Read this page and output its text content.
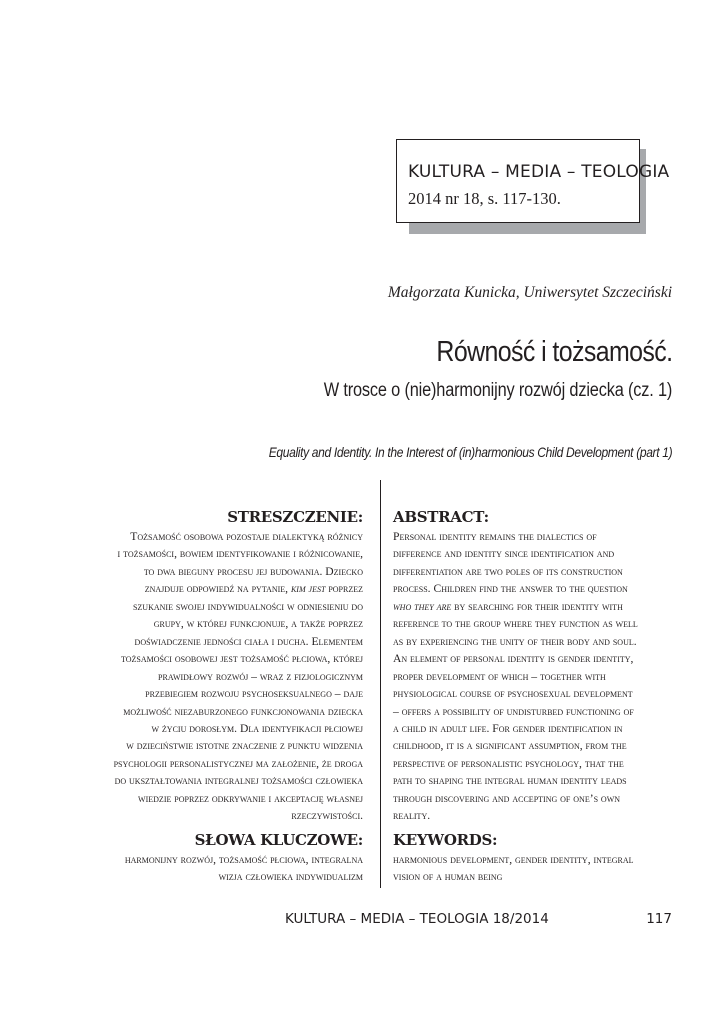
KULTURA – MEDIA – TEOLOGIA
2014 nr 18, s. 117-130.
Małgorzata Kunicka, Uniwersytet Szczeciński
Równość i tożsamość.
W trosce o (nie)harmonijny rozwój dziecka (cz. 1)
Equality and Identity. In the Interest of (in)harmonious Child Development (part 1)
STRESZCZENIE:
Tożsamość osobowa pozostaje dialektyką różnicy
i tożsamości, bowiem identyfikowanie i różnicowanie,
to dwa bieguny procesu jej budowania. Dziecko
znajduje odpowiedź na pytanie, kim jest poprzez
szukanie swojej indywidualności w odniesieniu do
grupy, w której funkcjonuje, a także poprzez
doświadczenie jedności ciała i ducha. Elementem
tożsamości osobowej jest tożsamość płciowa, której
prawidłowy rozwój – wraz z fizjologicznym
przebiegiem rozwoju psychoseksualnego – daje
możliwość niezaburzonego funkcjonowania dziecka
w życiu dorosłym. Dla identyfikacji płciowej
w dzieciństwie istotne znaczenie z punktu widzenia
psychologii personalistycznej ma założenie, że droga
do ukształtowania integralnej tożsamości człowieka
wiedzie poprzez odkrywanie i akceptację własnej
rzeczywistości.
ABSTRACT:
Personal identity remains the dialectics of
difference and identity since identification and
differentiation are two poles of its construction
process. Children find the answer to the question
who they are by searching for their identity with
reference to the group where they function as well
as by experiencing the unity of their body and soul.
An element of personal identity is gender identity,
proper development of which – together with
physiological course of psychosexual development
– offers a possibility of undisturbed functioning of
a child in adult life. For gender identification in
childhood, it is a significant assumption, from the
perspective of personalistic psychology, that the
path to shaping the integral human identity leads
through discovering and accepting of one’s own
reality.
SŁOWA KLUCZOWE:
harmonijny rozwój, tożsamość płciowa, integralna
wizja człowieka indywidualizm
KEYWORDS:
harmonious development, gender identity, integral
vision of a human being
KULTURA – MEDIA – TEOLOGIA 18/2014	117
